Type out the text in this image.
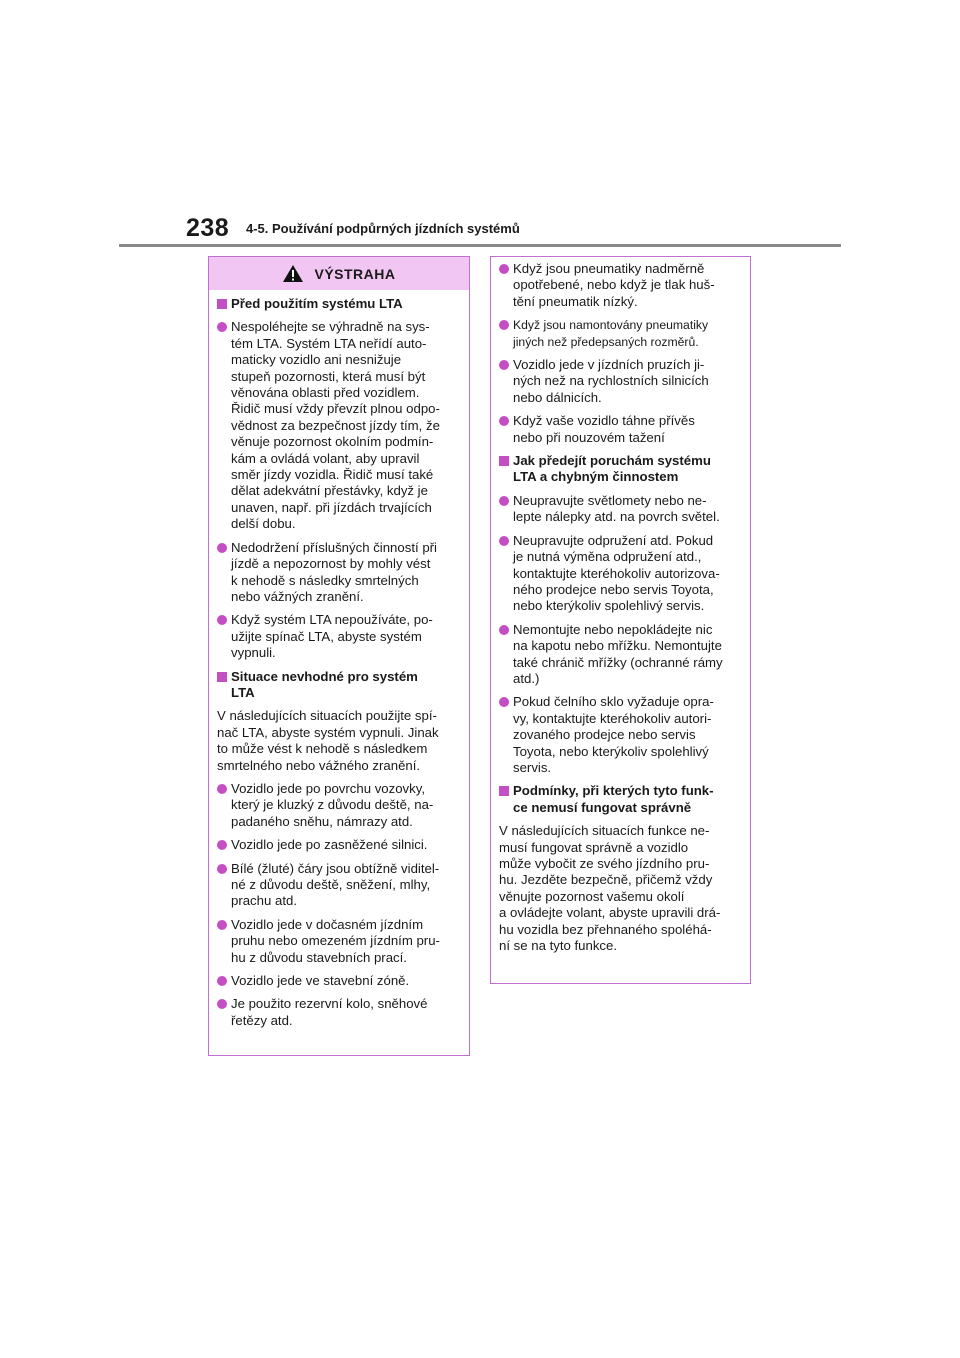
238 4-5. Používání podpůrných jízdních systémů
VÝSTRAHA
Před použitím systému LTA
Nespoléhejte se výhradně na sys-
tém LTA. Systém LTA neřídí auto-
maticky vozidlo ani nesnižuje
stupeň pozornosti, která musí být
věnována oblasti před vozidlem.
Řidič musí vždy převzít plnou odpo-
vědnost za bezpečnost jízdy tím, že
věnuje pozornost okolním podmín-
kám a ovládá volant, aby upravil
směr jízdy vozidla. Řidič musí také
dělat adekvátní přestávky, když je
unaven, např. při jízdách trvajících
delší dobu.
Nedodržení příslušných činností při
jízdě a nepozornost by mohly vést
k nehodě s následky smrtelných
nebo vážných zranění.
Když systém LTA nepoužíváte, po-
užijte spínač LTA, abyste systém
vypnuli.
Situace nevhodné pro systém
LTA
V následujících situacích použijte spí-
nač LTA, abyste systém vypnuli. Jinak
to může vést k nehodě s následkem
smrtelného nebo vážného zranění.
Vozidlo jede po povrchu vozovky,
který je kluzký z důvodu deště, na-
padaného sněhu, námrazy atd.
Vozidlo jede po zasněžené silnici.
Bílé (žluté) čáry jsou obtížně viditel-
né z důvodu deště, sněžení, mlhy,
prachu atd.
Vozidlo jede v dočasném jízdním
pruhu nebo omezeném jízdním pru-
hu z důvodu stavebních prací.
Vozidlo jede ve stavební zóně.
Je použito rezervní kolo, sněhové
řetězy atd.
Když jsou pneumatiky nadměrně
opotřebené, nebo když je tlak huš-
tění pneumatik nízký.
Když jsou namontovány pneumatiky
jiných než předepsaných rozměrů.
Vozidlo jede v jízdních pruzích ji-
ných než na rychlostních silnicích
nebo dálnicích.
Když vaše vozidlo táhne přívěs
nebo při nouzovém tažení
Jak předejít poruchám systému
LTA a chybným činnostem
Neupravujte světlomety nebo ne-
lepte nálepky atd. na povrch světel.
Neupravujte odpružení atd. Pokud
je nutná výměna odpružení atd.,
kontaktujte kteréhokoliv autorizova-
ného prodejce nebo servis Toyota,
nebo kterýkoliv spolehlivý servis.
Nemontujte nebo nepokládejte nic
na kapotu nebo mřížku. Nemontujte
také chránič mřížky (ochranné rámy
atd.)
Pokud čelního sklo vyžaduje opra-
vy, kontaktujte kteréhokoliv autori-
zovaného prodejce nebo servis
Toyota, nebo kterýkoliv spolehlivý
servis.
Podmínky, při kterých tyto funk-
ce nemusí fungovat správně
V následujících situacích funkce ne-
musí fungovat správně a vozidlo
může vybočit ze svého jízdního pru-
hu. Jezděte bezpečně, přičemž vždy
věnujte pozornost vašemu okolí
a ovládejte volant, abyste upravili drá-
hu vozidla bez přehnaného spoléhá-
ní se na tyto funkce.
